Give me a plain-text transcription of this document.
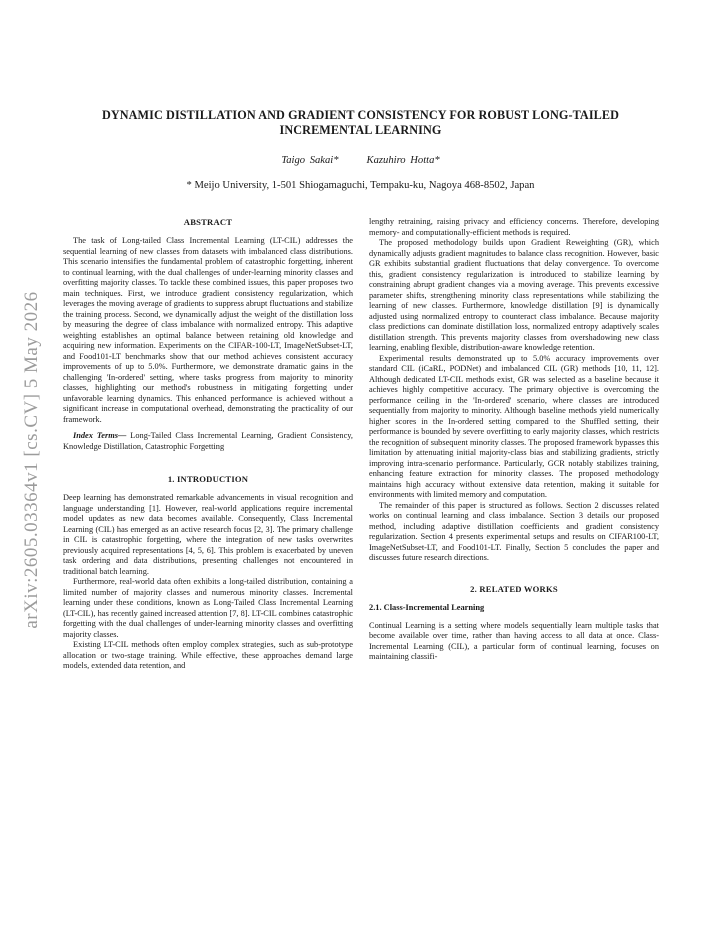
arXiv:2605.03364v1 [cs.CV] 5 May 2026
DYNAMIC DISTILLATION AND GRADIENT CONSISTENCY FOR ROBUST LONG-TAILED INCREMENTAL LEARNING
Taigo Sakai*	Kazuhiro Hotta*
* Meijo University, 1-501 Shiogamaguchi, Tempaku-ku, Nagoya 468-8502, Japan
ABSTRACT

The task of Long-tailed Class Incremental Learning (LT-CIL) addresses the sequential learning of new classes from datasets with imbalanced class distributions. This scenario intensifies the fundamental problem of catastrophic forgetting, inherent to continual learning, with the dual challenges of under-learning minority classes and overfitting majority classes. To tackle these combined issues, this paper proposes two main techniques. First, we introduce gradient consistency regularization, which leverages the moving average of gradients to suppress abrupt fluctuations and stabilize the training process. Second, we dynamically adjust the weight of the distillation loss by measuring the degree of class imbalance with normalized entropy. This adaptive weighting establishes an optimal balance between retaining old knowledge and acquiring new information. Experiments on the CIFAR-100-LT, ImageNetSubset-LT, and Food101-LT benchmarks show that our method achieves consistent accuracy improvements of up to 5.0%. Furthermore, we demonstrate dramatic gains in the challenging 'In-ordered' setting, where tasks progress from majority to minority classes, highlighting our method's robustness in mitigating forgetting under unfavorable learning dynamics. This enhanced performance is achieved without a significant increase in computational overhead, demonstrating the practicality of our framework.

Index Terms— Long-Tailed Class Incremental Learning, Gradient Consistency, Knowledge Distillation, Catastrophic Forgetting

1. INTRODUCTION

Deep learning has demonstrated remarkable advancements in visual recognition and language understanding [1]. However, real-world applications require incremental model updates as new data becomes available. Consequently, Class Incremental Learning (CIL) has emerged as an active research focus [2, 3]. The primary challenge in CIL is catastrophic forgetting, where the integration of new tasks overwrites previously acquired representations [4, 5, 6]. This problem is exacerbated by uneven task ordering and data distributions, presenting challenges not encountered in traditional batch learning.

Furthermore, real-world data often exhibits a long-tailed distribution, containing a limited number of majority classes and numerous minority classes. Incremental learning under these conditions, known as Long-Tailed Class Incremental Learning (LT-CIL), has recently gained increased attention [7, 8]. LT-CIL combines catastrophic forgetting with the dual challenges of under-learning minority classes and overfitting majority classes.

Existing LT-CIL methods often employ complex strategies, such as sub-prototype allocation or two-stage training. While effective, these approaches demand large models, extended data retention, and

lengthy retraining, raising privacy and efficiency concerns. Therefore, developing memory- and computationally-efficient methods is required.

The proposed methodology builds upon Gradient Reweighting (GR), which dynamically adjusts gradient magnitudes to balance class recognition. However, basic GR exhibits substantial gradient fluctuations that delay convergence. To overcome this, gradient consistency regularization is introduced to stabilize learning by constraining abrupt gradient changes via a moving average. This prevents excessive parameter shifts, strengthening minority class representations while stabilizing the learning of new classes. Furthermore, knowledge distillation [9] is dynamically adjusted using normalized entropy to counteract class imbalance. Because majority class predictions can dominate distillation loss, normalized entropy adaptively scales distillation strength. This prevents majority classes from overshadowing new class learning, enabling flexible, distribution-aware knowledge retention.

Experimental results demonstrated up to 5.0% accuracy improvements over standard CIL (iCaRL, PODNet) and imbalanced CIL (GR) methods [10, 11, 12]. Although dedicated LT-CIL methods exist, GR was selected as a baseline because it achieves highly competitive accuracy. The primary objective is overcoming the performance ceiling in the 'In-ordered' scenario, where classes are introduced sequentially from majority to minority. Although baseline methods yield numerically higher scores in the In-ordered setting compared to the Shuffled setting, their performance is bounded by severe overfitting to early majority classes, which restricts the recognition of subsequent minority classes. The proposed framework bypasses this limitation by attenuating initial majority-class bias and stabilizing gradients, strictly improving intra-scenario performance. Particularly, GCR notably stabilizes training, enhancing feature extraction for minority classes. The proposed methodology maintains high accuracy without extensive data retention, making it suitable for environments with limited memory and computation.

The remainder of this paper is structured as follows. Section 2 discusses related works on continual learning and class imbalance. Section 3 details our proposed method, including adaptive distillation coefficients and gradient consistency regularization. Section 4 presents experimental setups and results on CIFAR100-LT, ImageNetSubset-LT, and Food101-LT. Finally, Section 5 concludes the paper and discusses future research directions.

2. RELATED WORKS
2.1. Class-Incremental Learning

Continual Learning is a setting where models sequentially learn multiple tasks that become available over time, rather than having access to all data at once. Class-Incremental Learning (CIL), a particular form of continual learning, focuses on maintaining classifi-
